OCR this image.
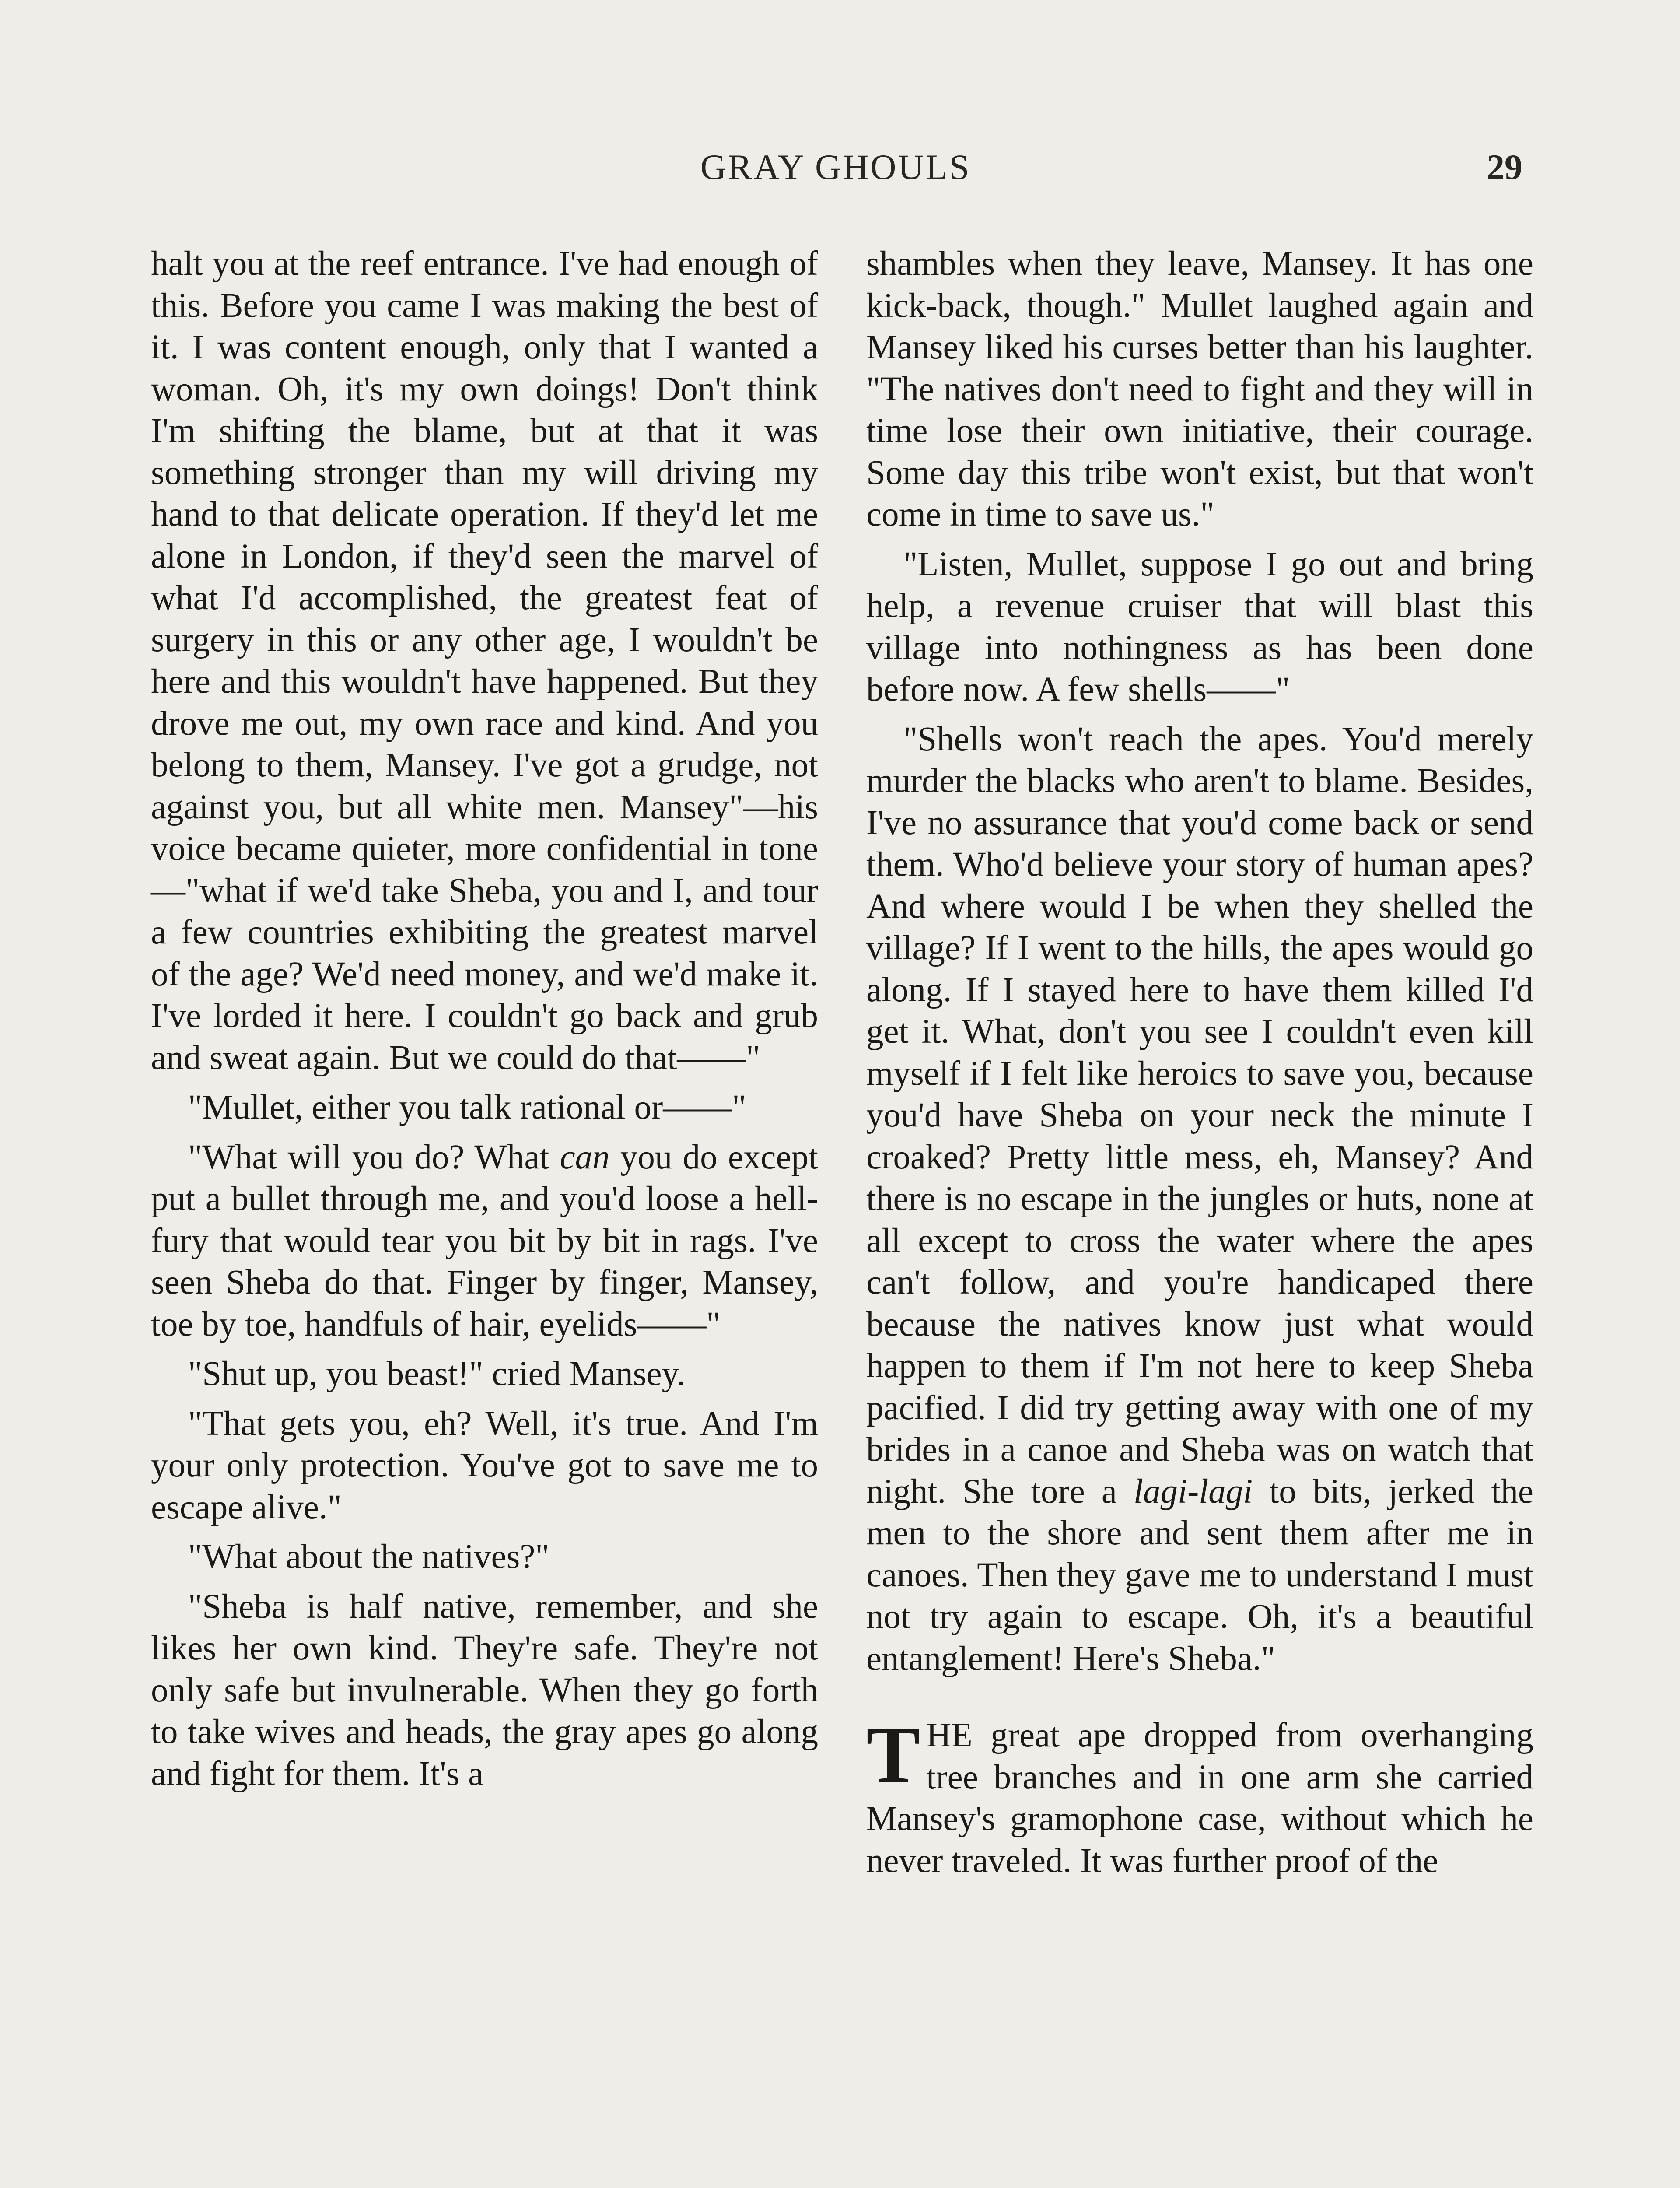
GRAY GHOULS	29

halt you at the reef entrance. I've had enough of this. Before you came I was making the best of it. I was content enough, only that I wanted a woman. Oh, it's my own doings! Don't think I'm shifting the blame, but at that it was something stronger than my will driving my hand to that delicate operation. If they'd let me alone in London, if they'd seen the marvel of what I'd accomplished, the greatest feat of surgery in this or any other age, I wouldn't be here and this wouldn't have happened. But they drove me out, my own race and kind. And you belong to them, Mansey. I've got a grudge, not against you, but all white men. Mansey"—his voice became quieter, more confidential in tone—"what if we'd take Sheba, you and I, and tour a few countries exhibiting the greatest marvel of the age? We'd need money, and we'd make it. I've lorded it here. I couldn't go back and grub and sweat again. But we could do that——"

"Mullet, either you talk rational or——"

"What will you do? What can you do except put a bullet through me, and you'd loose a hell-fury that would tear you bit by bit in rags. I've seen Sheba do that. Finger by finger, Mansey, toe by toe, handfuls of hair, eyelids——"

"Shut up, you beast!" cried Mansey.

"That gets you, eh? Well, it's true. And I'm your only protection. You've got to save me to escape alive."

"What about the natives?"

"Sheba is half native, remember, and she likes her own kind. They're safe. They're not only safe but invulnerable. When they go forth to take wives and heads, the gray apes go along and fight for them. It's a

shambles when they leave, Mansey. It has one kick-back, though." Mullet laughed again and Mansey liked his curses better than his laughter. "The natives don't need to fight and they will in time lose their own initiative, their courage. Some day this tribe won't exist, but that won't come in time to save us."

"Listen, Mullet, suppose I go out and bring help, a revenue cruiser that will blast this village into nothingness as has been done before now. A few shells——"

"Shells won't reach the apes. You'd merely murder the blacks who aren't to blame. Besides, I've no assurance that you'd come back or send them. Who'd believe your story of human apes? And where would I be when they shelled the village? If I went to the hills, the apes would go along. If I stayed here to have them killed I'd get it. What, don't you see I couldn't even kill myself if I felt like heroics to save you, because you'd have Sheba on your neck the minute I croaked? Pretty little mess, eh, Mansey? And there is no escape in the jungles or huts, none at all except to cross the water where the apes can't follow, and you're handicaped there because the natives know just what would happen to them if I'm not here to keep Sheba pacified. I did try getting away with one of my brides in a canoe and Sheba was on watch that night. She tore a lagi-lagi to bits, jerked the men to the shore and sent them after me in canoes. Then they gave me to understand I must not try again to escape. Oh, it's a beautiful entanglement! Here's Sheba."

THE great ape dropped from overhanging tree branches and in one arm she carried Mansey's gramophone case, without which he never traveled. It was further proof of the
